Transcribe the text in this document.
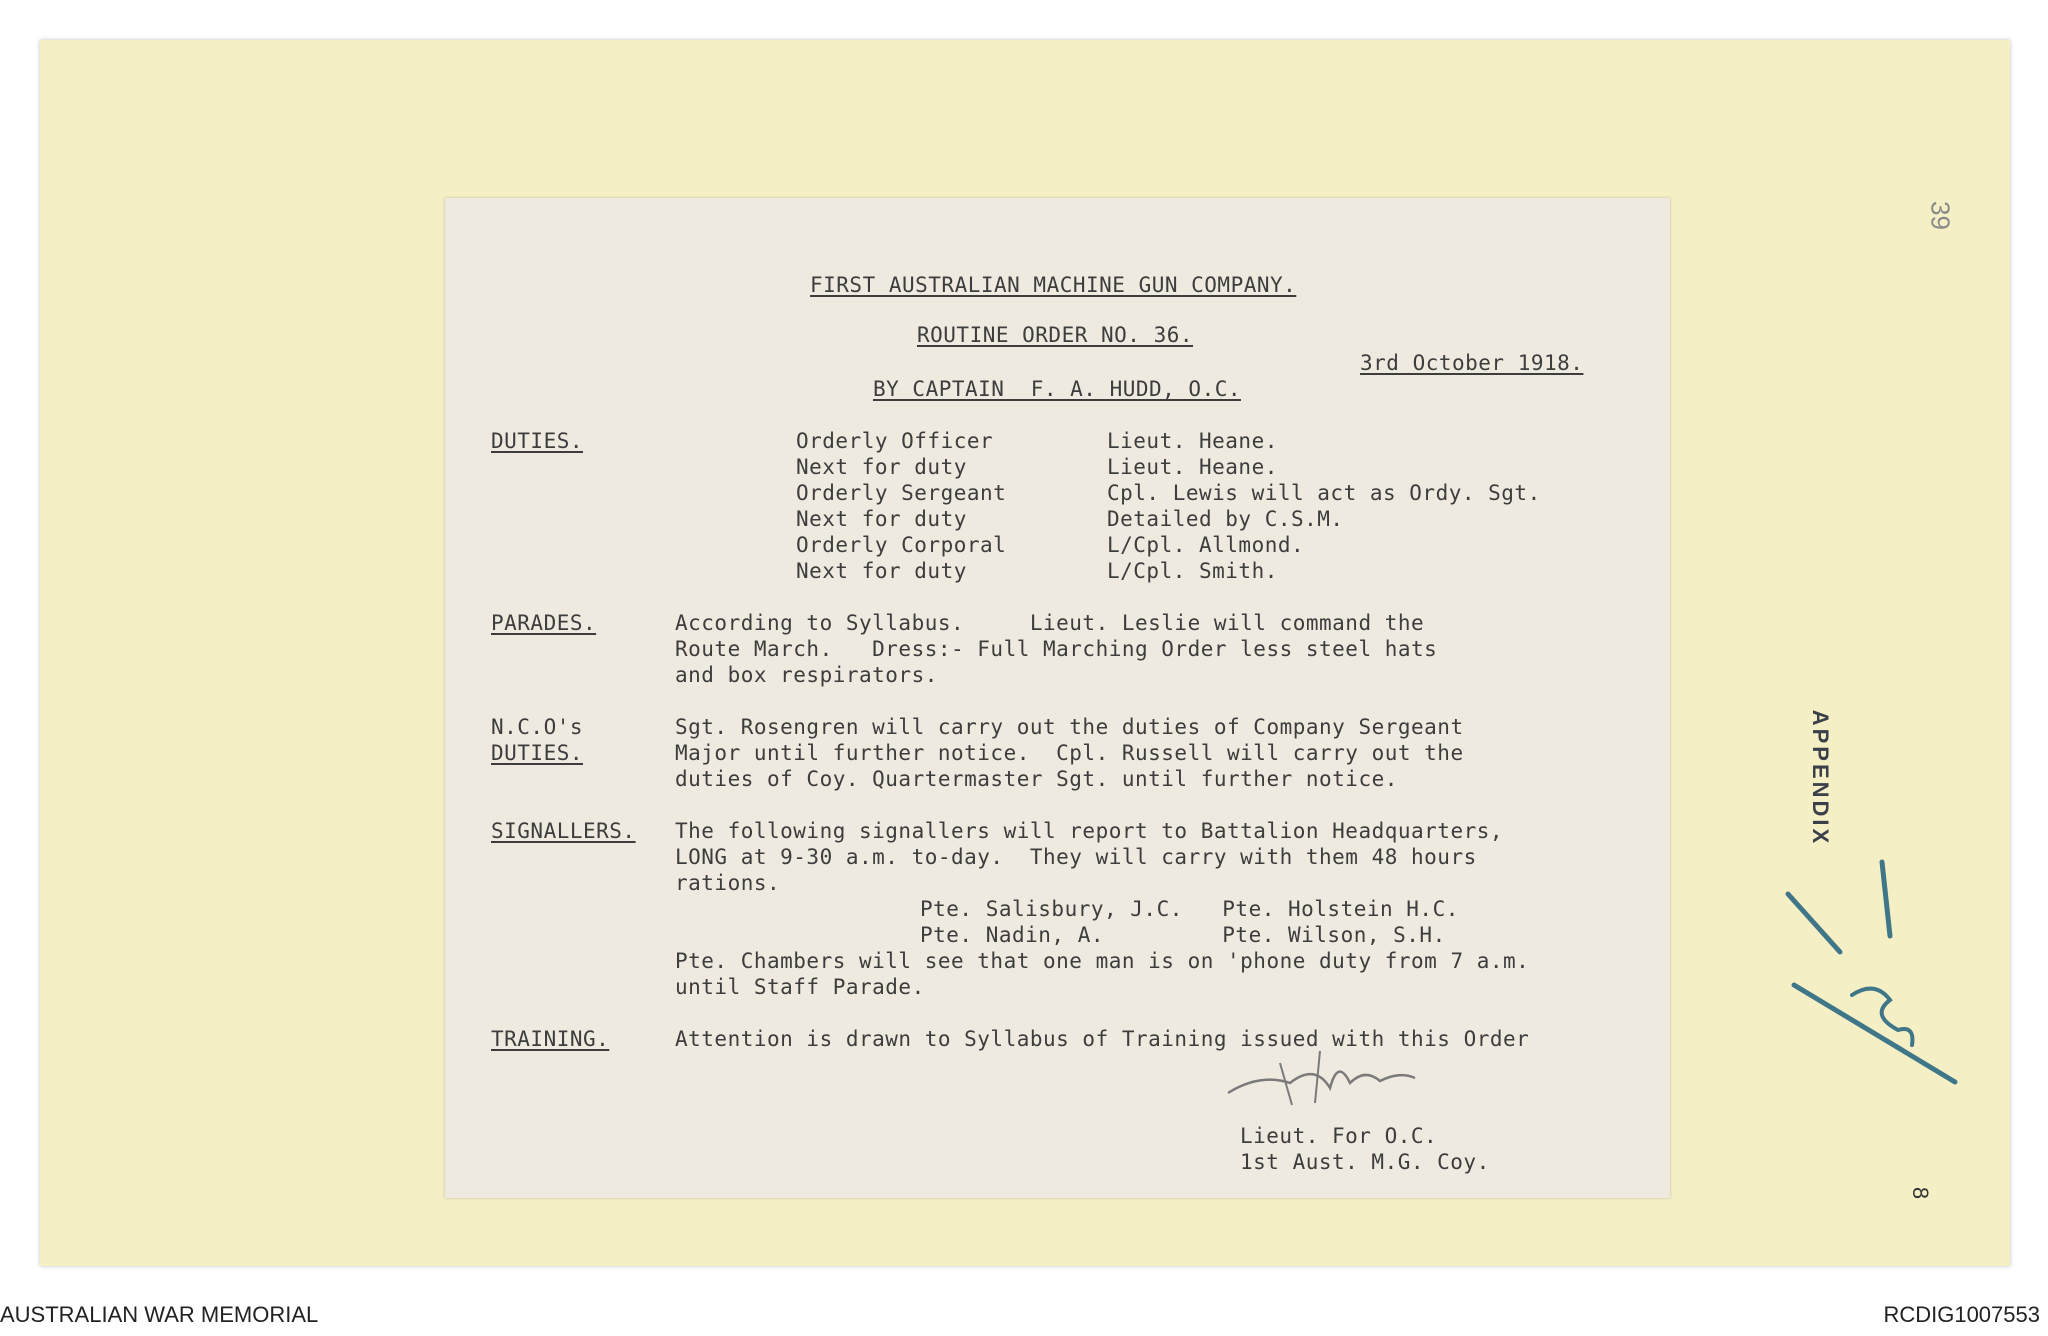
39
APPENDIX
8
FIRST AUSTRALIAN MACHINE GUN COMPANY.
ROUTINE ORDER NO. 36.
3rd October 1918.
BY CAPTAIN  F. A. HUDD, O.C.
DUTIES.	Orderly Officer	Lieut. Heane.
Next for duty	Lieut. Heane.
Orderly Sergeant	Cpl. Lewis will act as Ordy. Sgt.
Next for duty	Detailed by C.S.M.
Orderly Corporal	L/Cpl. Allmond.
Next for duty	L/Cpl. Smith.
PARADES.	According to Syllabus.     Lieut. Leslie will command the
Route March.   Dress:- Full Marching Order less steel hats
and box respirators.
N.C.O's
DUTIES.
Sgt. Rosengren will carry out the duties of Company Sergeant
Major until further notice.  Cpl. Russell will carry out the
duties of Coy. Quartermaster Sgt. until further notice.
SIGNALLERS. The following signallers will report to Battalion Headquarters,
LONG at 9-30 a.m. to-day.  They will carry with them 48 hours
rations.
Pte. Salisbury, J.C.   Pte. Holstein H.C.
Pte. Nadin, A.         Pte. Wilson, S.H.
Pte. Chambers will see that one man is on 'phone duty from 7 a.m.
until Staff Parade.
TRAINING.	Attention is drawn to Syllabus of Training issued with this Order
Lieut. For O.C.
1st Aust. M.G. Coy.
AUSTRALIAN WAR MEMORIAL	RCDIG1007553
